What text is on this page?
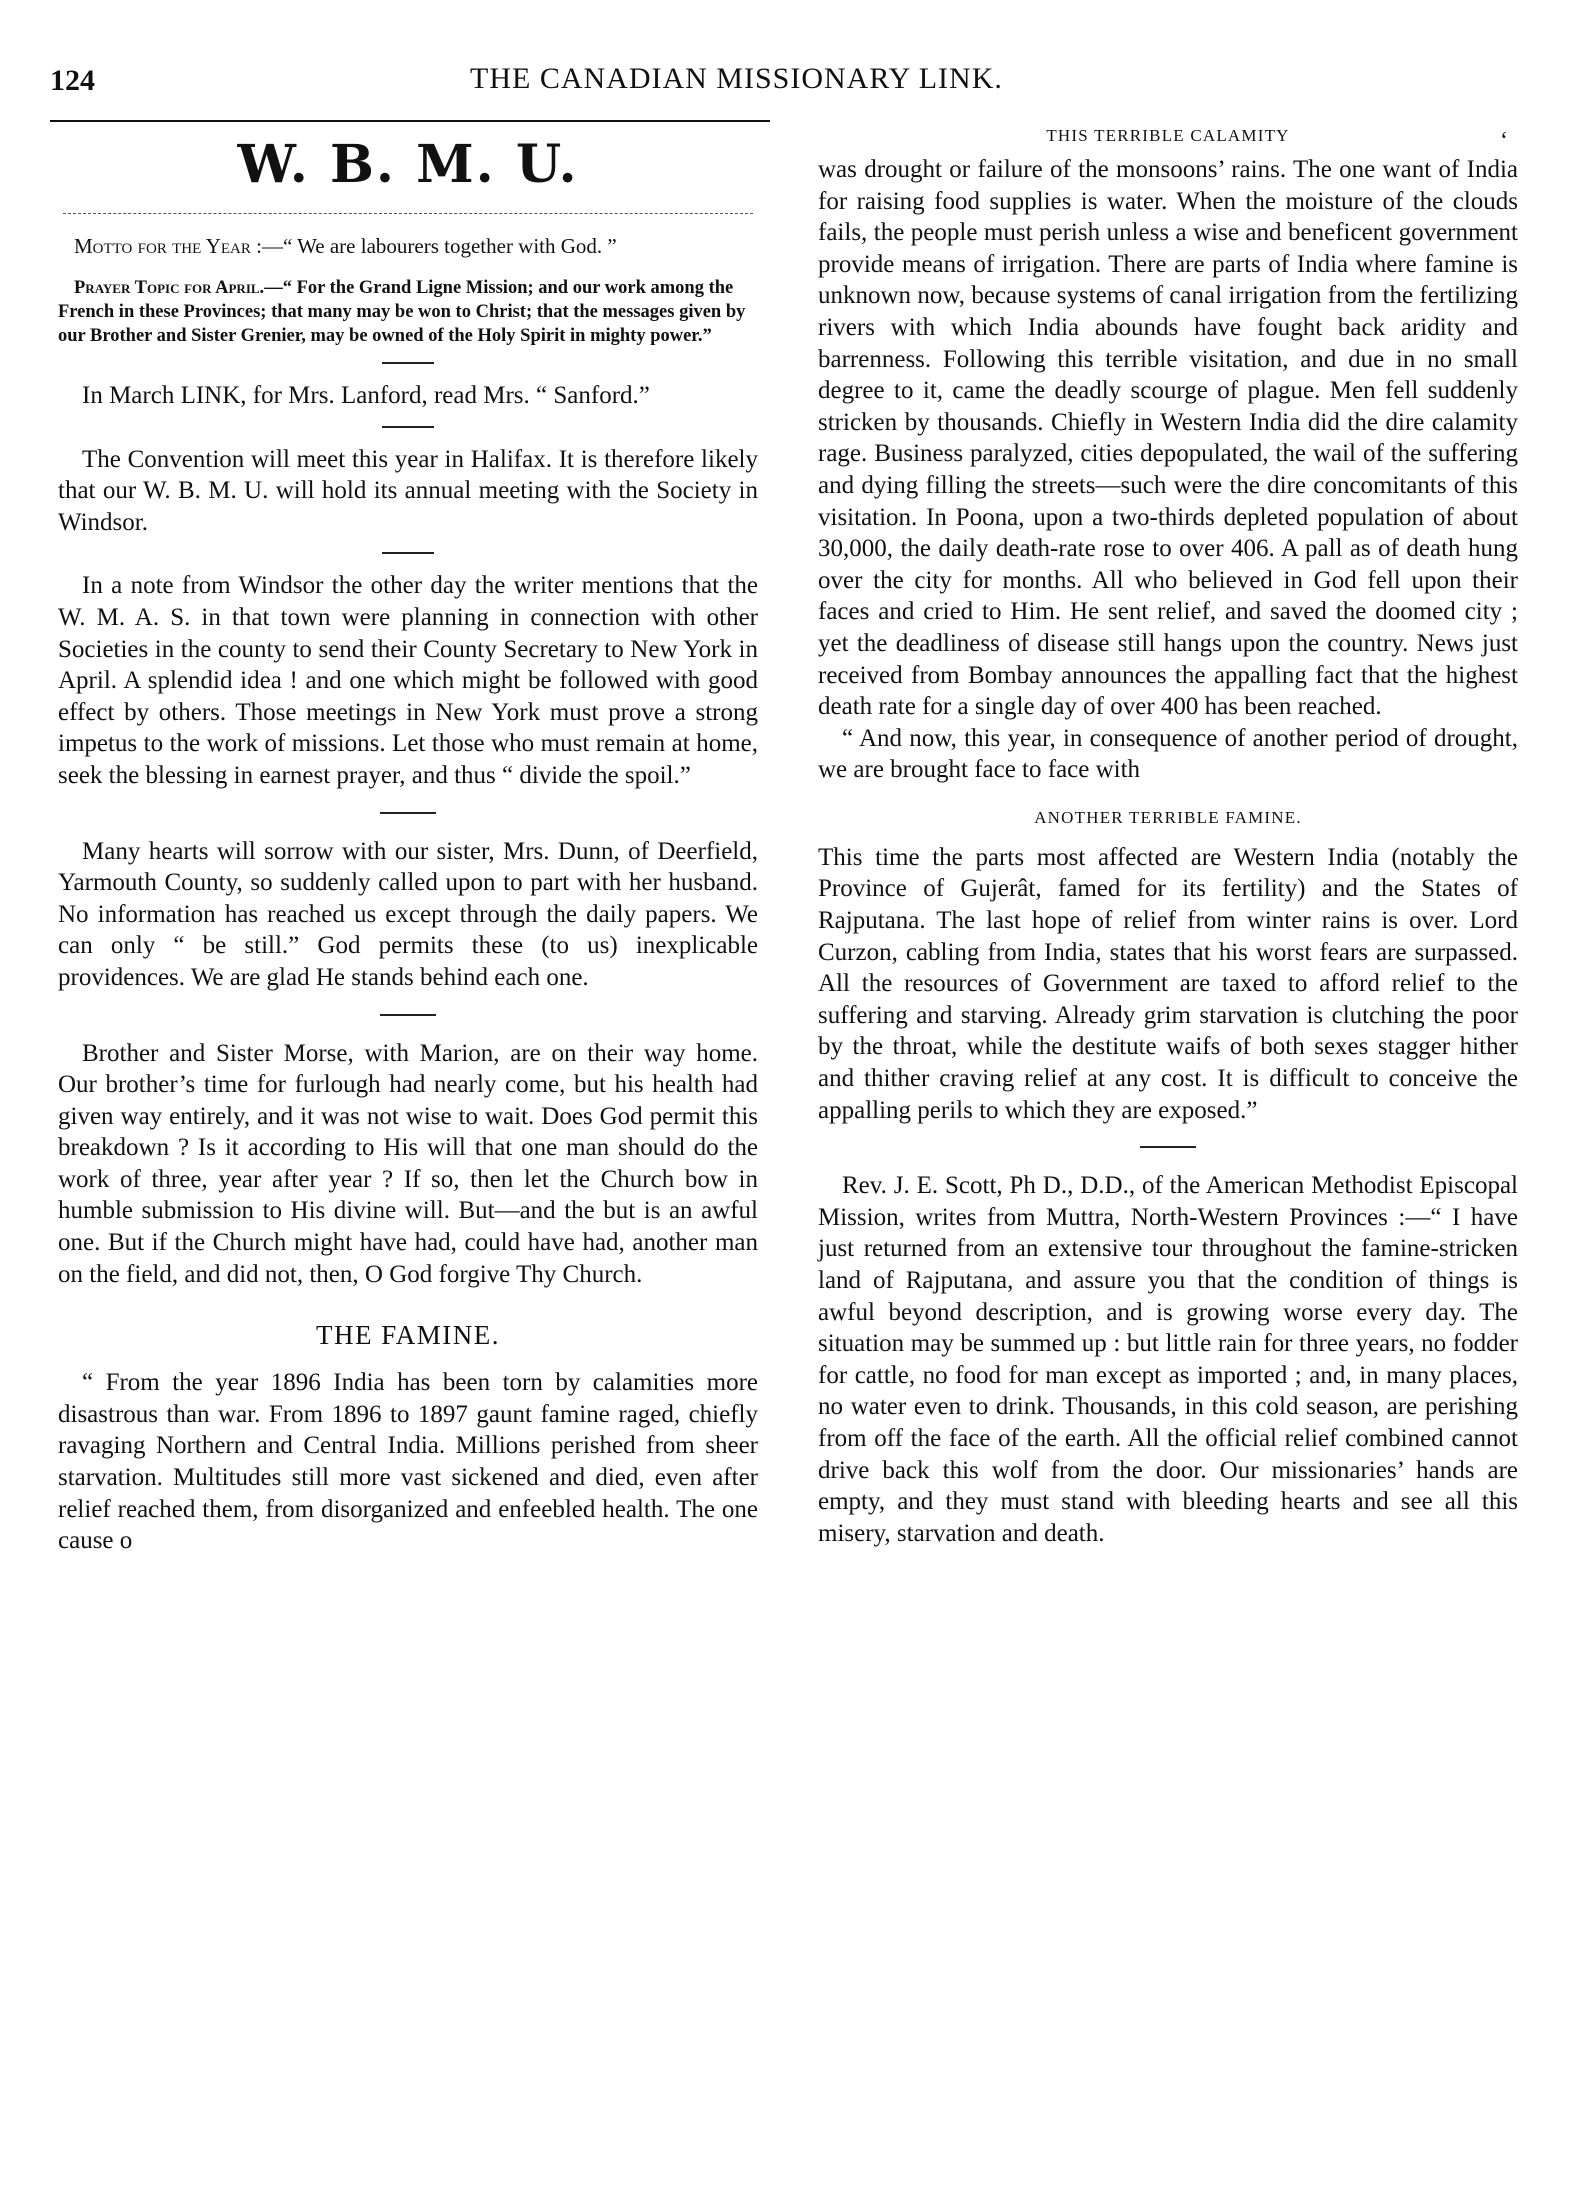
124	THE CANADIAN MISSIONARY LINK.
‘
W. B. M. U.

Motto for the Year :—“ We are labourers together with God. ”

Prayer Topic for April.—“ For the Grand Ligne Mission; and our work among the French in these Provinces; that many may be won to Christ; that the messages given by our Brother and Sister Grenier, may be owned of the Holy Spirit in mighty power.”

In March LINK, for Mrs. Lanford, read Mrs. “ Sanford.”

The Convention will meet this year in Halifax. It is therefore likely that our W. B. M. U. will hold its annual meeting with the Society in Windsor.

In a note from Windsor the other day the writer mentions that the W. M. A. S. in that town were planning in connection with other Societies in the county to send their County Secretary to New York in April. A splendid idea ! and one which might be followed with good effect by others. Those meetings in New York must prove a strong impetus to the work of missions. Let those who must remain at home, seek the blessing in earnest prayer, and thus “ divide the spoil.”

Many hearts will sorrow with our sister, Mrs. Dunn, of Deerfield, Yarmouth County, so suddenly called upon to part with her husband. No information has reached us except through the daily papers. We can only “ be still.” God permits these (to us) inexplicable providences. We are glad He stands behind each one.

Brother and Sister Morse, with Marion, are on their way home. Our brother’s time for furlough had nearly come, but his health had given way entirely, and it was not wise to wait. Does God permit this breakdown ? Is it according to His will that one man should do the work of three, year after year ? If so, then let the Church bow in humble submission to His divine will. But—and the but is an awful one. But if the Church might have had, could have had, another man on the field, and did not, then, O God forgive Thy Church.

THE FAMINE.

“ From the year 1896 India has been torn by calamities more disastrous than war. From 1896 to 1897 gaunt famine raged, chiefly ravaging Northern and Central India. Millions perished from sheer starvation. Multitudes still more vast sickened and died, even after relief reached them, from disorganized and enfeebled health. The one cause o

THIS TERRIBLE CALAMITY

was drought or failure of the monsoons’ rains. The one want of India for raising food supplies is water. When the moisture of the clouds fails, the people must perish unless a wise and beneficent government provide means of irrigation. There are parts of India where famine is unknown now, because systems of canal irrigation from the fertilizing rivers with which India abounds have fought back aridity and barrenness. Following this terrible visitation, and due in no small degree to it, came the deadly scourge of plague. Men fell suddenly stricken by thousands. Chiefly in Western India did the dire calamity rage. Business paralyzed, cities depopulated, the wail of the suffering and dying filling the streets—such were the dire concomitants of this visitation. In Poona, upon a two-thirds depleted population of about 30,000, the daily death-rate rose to over 406. A pall as of death hung over the city for months. All who believed in God fell upon their faces and cried to Him. He sent relief, and saved the doomed city ; yet the deadliness of disease still hangs upon the country. News just received from Bombay announces the appalling fact that the highest death rate for a single day of over 400 has been reached.

“ And now, this year, in consequence of another period of drought, we are brought face to face with

ANOTHER TERRIBLE FAMINE.

This time the parts most affected are Western India (notably the Province of Gujerât, famed for its fertility) and the States of Rajputana. The last hope of relief from winter rains is over. Lord Curzon, cabling from India, states that his worst fears are surpassed. All the resources of Government are taxed to afford relief to the suffering and starving. Already grim starvation is clutching the poor by the throat, while the destitute waifs of both sexes stagger hither and thither craving relief at any cost. It is difficult to conceive the appalling perils to which they are exposed.”

Rev. J. E. Scott, Ph D., D.D., of the American Methodist Episcopal Mission, writes from Muttra, North-Western Provinces :—“ I have just returned from an extensive tour throughout the famine-stricken land of Rajputana, and assure you that the condition of things is awful beyond description, and is growing worse every day. The situation may be summed up : but little rain for three years, no fodder for cattle, no food for man except as imported ; and, in many places, no water even to drink. Thousands, in this cold season, are perishing from off the face of the earth. All the official relief combined cannot drive back this wolf from the door. Our missionaries’ hands are empty, and they must stand with bleeding hearts and see all this misery, starvation and death.
